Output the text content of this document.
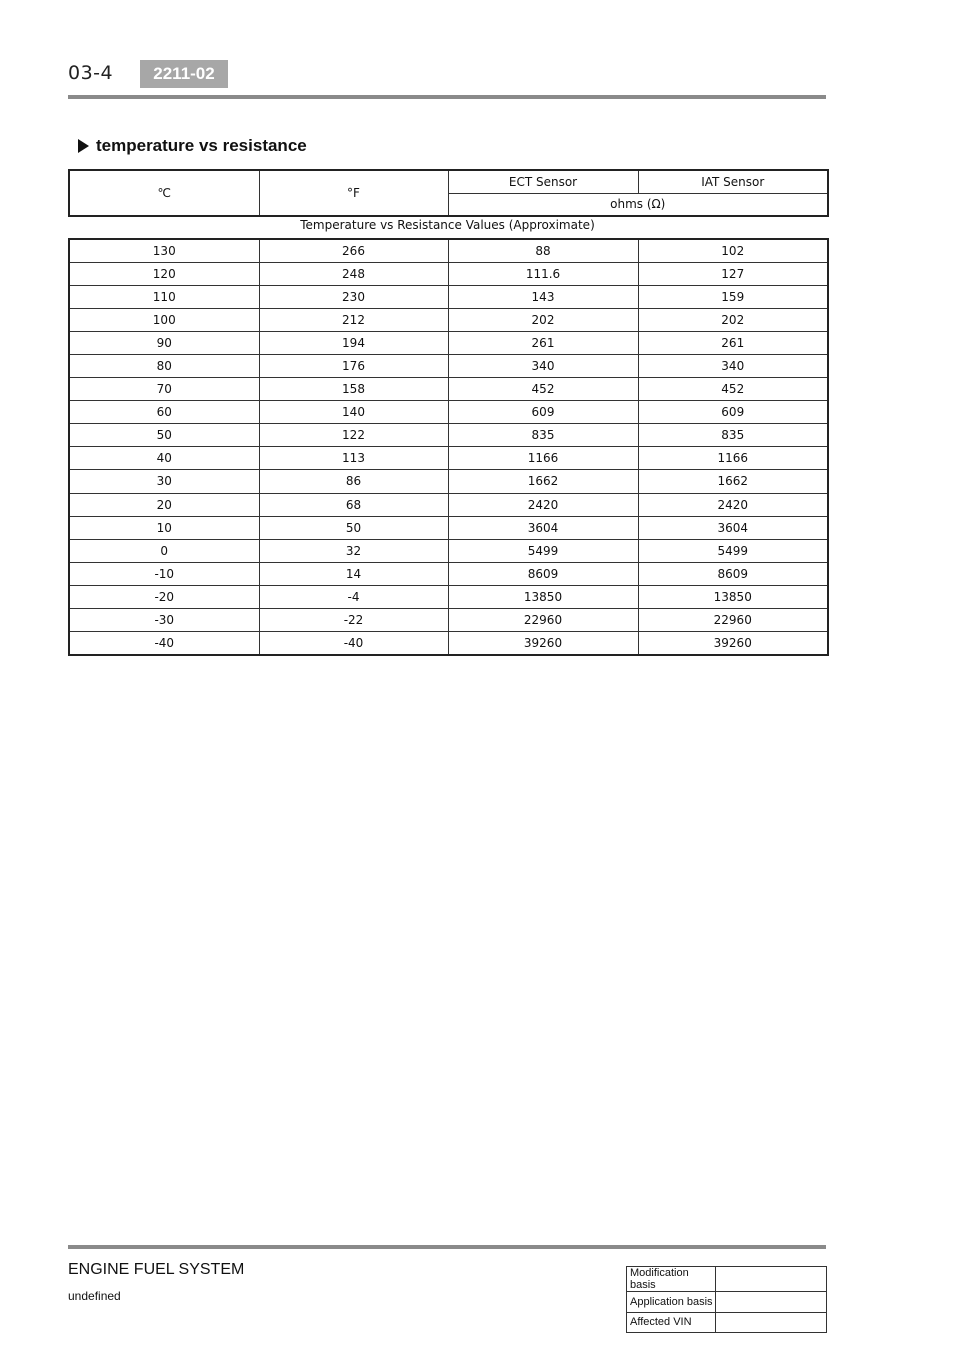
03-4	2211-02
temperature vs resistance
℃	°F	ECT Sensor	IAT Sensor
ohms (Ω)
Temperature vs Resistance Values (Approximate)
130	266	88	102
120	248	111.6	127
110	230	143	159
100	212	202	202
90	194	261	261
80	176	340	340
70	158	452	452
60	140	609	609
50	122	835	835
40	113	1166	1166
30	86	1662	1662
20	68	2420	2420
10	50	3604	3604
0	32	5499	5499
-10	14	8609	8609
-20	-4	13850	13850
-30	-22	22960	22960
-40	-40	39260	39260
ENGINE FUEL SYSTEM
undefined
Modification basis	
Application basis	
Affected VIN	
